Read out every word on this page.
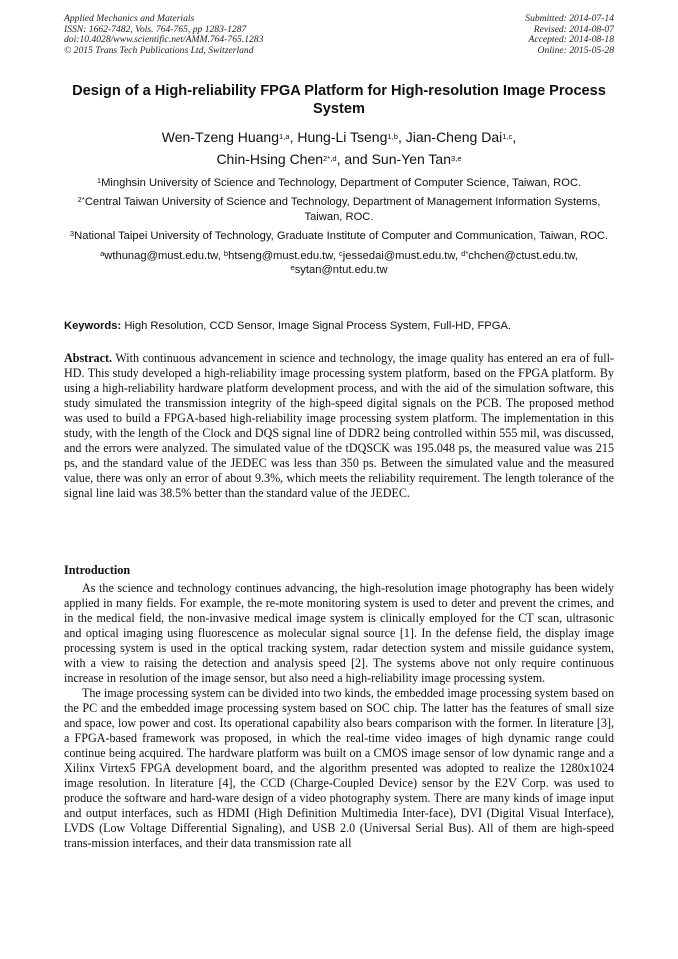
Applied Mechanics and Materials
ISSN: 1662-7482, Vols. 764-765, pp 1283-1287
doi:10.4028/www.scientific.net/AMM.764-765.1283
© 2015 Trans Tech Publications Ltd, Switzerland
Submitted: 2014-07-14
Revised: 2014-08-07
Accepted: 2014-08-18
Online: 2015-05-28
Design of a High-reliability FPGA Platform for High-resolution Image Process System
Wen-Tzeng Huang$^{1,a}$, Hung-Li Tseng$^{1,b}$, Jian-Cheng Dai$^{1,c}$,
Chin-Hsing Chen$^{2*,d}$, and Sun-Yen Tan$^{3,e}$

$^1$Minghsin University of Science and Technology, Department of Computer Science, Taiwan, ROC.

$^{2*}$Central Taiwan University of Science and Technology, Department of Management Information Systems, Taiwan, ROC.

$^3$National Taipei University of Technology, Graduate Institute of Computer and Communication, Taiwan, ROC.

$^a$wthunag@must.edu.tw, $^b$htseng@must.edu.tw, $^c$jessedai@must.edu.tw, $^{d*}$chchen@ctust.edu.tw,
$^e$sytan@ntut.edu.tw

Keywords: High Resolution, CCD Sensor, Image Signal Process System, Full-HD, FPGA.
Abstract. With continuous advancement in science and technology, the image quality has entered an era of full-HD. This study developed a high-reliability image processing system platform, based on the FPGA platform. By using a high-reliability hardware platform development process, and with the aid of the simulation software, this study simulated the transmission integrity of the high-speed digital signals on the PCB. The proposed method was used to build a FPGA-based high-reliability image processing system platform. The implementation in this study, with the length of the Clock and DQS signal line of DDR2 being controlled within 555 mil, was discussed, and the errors were analyzed. The simulated value of the tDQSCK was 195.048 ps, the measured value was 215 ps, and the standard value of the JEDEC was less than 350 ps. Between the simulated value and the measured value, there was only an error of about 9.3%, which meets the reliability requirement. The length tolerance of the signal line laid was 38.5% better than the standard value of the JEDEC.
Introduction

As the science and technology continues advancing, the high-resolution image photography has been widely applied in many fields. For example, the re-mote monitoring system is used to deter and prevent the crimes, and in the medical field, the non-invasive medical image system is clinically employed for the CT scan, ultrasonic and optical imaging using fluorescence as molecular signal source [1]. In the defense field, the display image processing system is used in the optical tracking system, radar detection system and missile guidance system, with a view to raising the detection and analysis speed [2]. The systems above not only require continuous increase in resolution of the image sensor, but also need a high-reliability image processing system.

The image processing system can be divided into two kinds, the embedded image processing system based on the PC and the embedded image processing system based on SOC chip. The latter has the features of small size and space, low power and cost. Its operational capability also bears comparison with the former. In literature [3], a FPGA-based framework was proposed, in which the real-time video images of high dynamic range could continue being acquired. The hardware platform was built on a CMOS image sensor of low dynamic range and a Xilinx Virtex5 FPGA development board, and the algorithm presented was adopted to realize the 1280x1024 image resolution. In literature [4], the CCD (Charge-Coupled Device) sensor by the E2V Corp. was used to produce the software and hard-ware design of a video photography system. There are many kinds of image input and output interfaces, such as HDMI (High Definition Multimedia Inter-face), DVI (Digital Visual Interface), LVDS (Low Voltage Differential Signaling), and USB 2.0 (Universal Serial Bus). All of them are high-speed trans-mission interfaces, and their data transmission rate all
